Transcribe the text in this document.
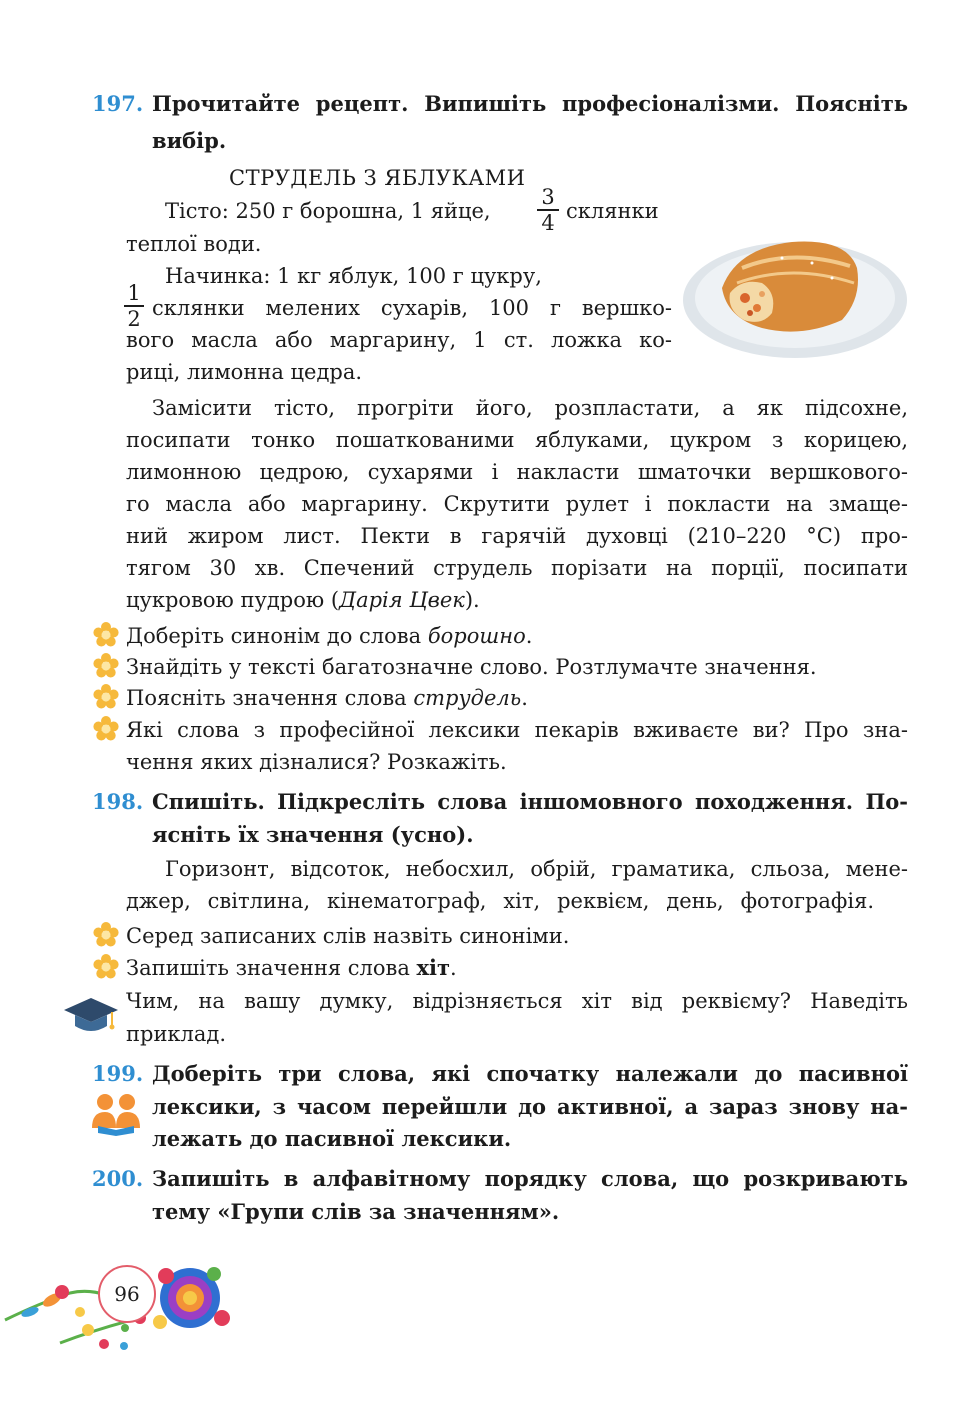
197. Прочитайте рецепт. Випишіть професіоналізми. Поясніть
вибір.
СТРУДЕЛЬ З ЯБЛУКАМИ
Тісто: 250 г борошна, 1 яйце,
3
4 склянки
теплої води.
Начинка: 1 кг яблук, 100 г цукру,
1
2 склянки мелених сухарів, 100 г вершко-
вого масла або маргарину, 1 ст. ложка ко-
риці, лимонна цедра.
Замісити тісто, прогріти його, розпластати, а як підсохне,
посипати тонко пошаткованими яблуками, цукром з корицею,
лимонною цедрою, сухарями і накласти шматочки вершкового-
го масла або маргарину. Скрутити рулет і покласти на змаще-
ний жиром лист. Пекти в гарячій духовці (210–220 °С) про-
тягом 30 хв. Спечений струдель порізати на порції, посипати
цукровою пудрою (Дарія Цвек).
Доберіть синонім до слова борошно.
Знайдіть у тексті багатозначне слово. Розтлумачте значення.
Поясніть значення слова струдель.
Які слова з професійної лексики пекарів вживаєте ви? Про зна-
чення яких дізналися? Розкажіть.
198. Спишіть. Підкресліть слова іншомовного походження. По-
ясніть їх значення (усно).
Горизонт, відсоток, небосхил, обрій, граматика, сльоза, мене-
джер, світлина, кінематограф, хіт, реквієм, день, фотографія.
Серед записаних слів назвіть синоніми.
Запишіть значення слова хіт.
Чим, на вашу думку, відрізняється хіт від реквієму? Наведіть
приклад.
199. Доберіть три слова, які спочатку належали до пасивної
лексики, з часом перейшли до активної, а зараз знову на-
лежать до пасивної лексики.
200. Запишіть в алфавітному порядку слова, що розкривають
тему «Групи слів за значенням».
96
